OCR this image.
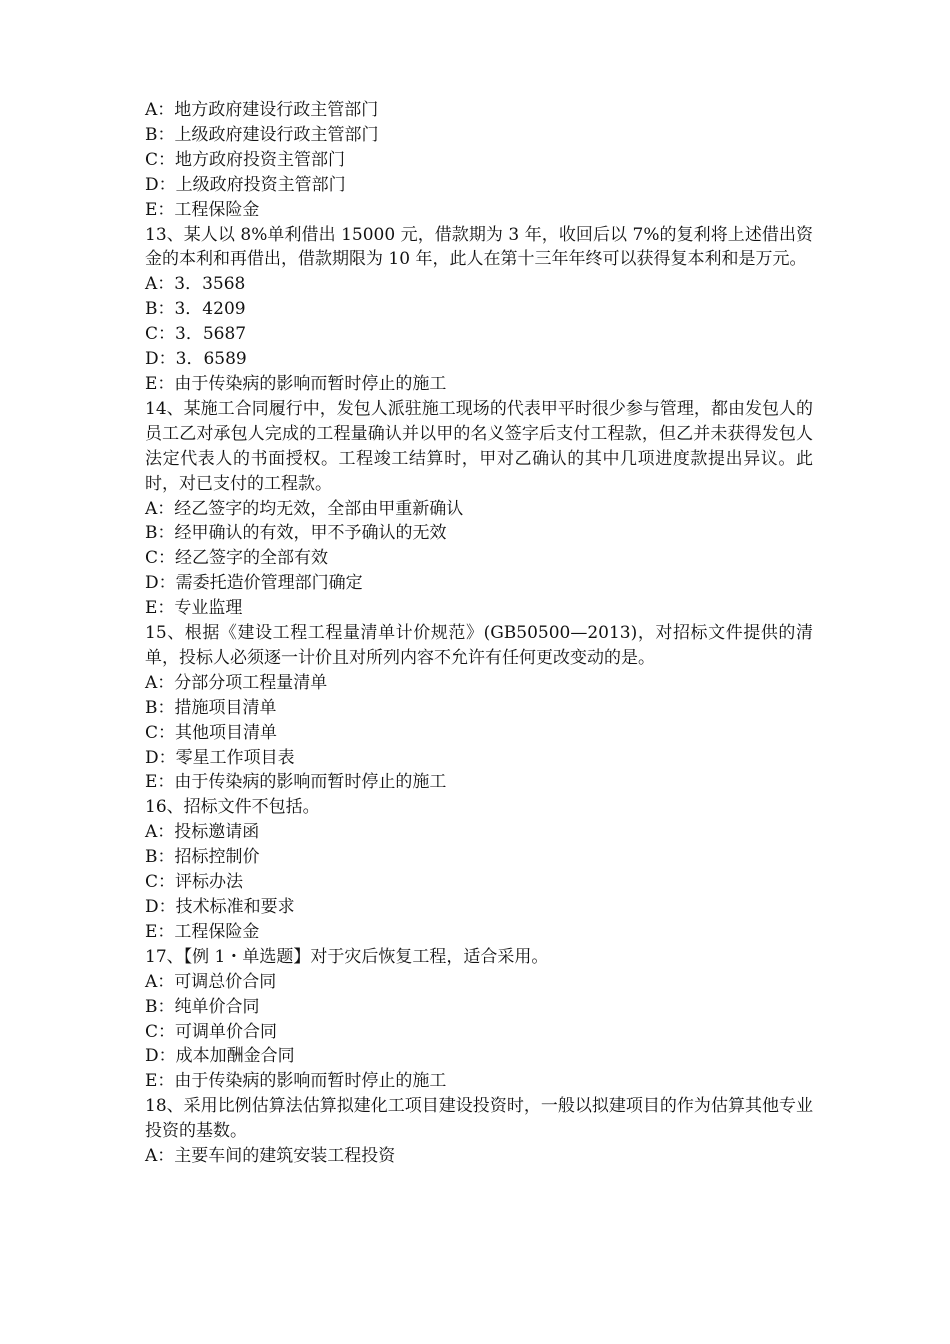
A：地方政府建设行政主管部门
B：上级政府建设行政主管部门
C：地方政府投资主管部门
D：上级政府投资主管部门
E：工程保险金
13、某人以 8%单利借出 15000 元，借款期为 3 年，收回后以 7%的复利将上述借出资金的本利和再借出，借款期限为 10 年，此人在第十三年年终可以获得复本利和是万元。
A：3．3568
B：3．4209
C：3．5687
D：3．6589
E：由于传染病的影响而暂时停止的施工
14、某施工合同履行中，发包人派驻施工现场的代表甲平时很少参与管理，都由发包人的员工乙对承包人完成的工程量确认并以甲的名义签字后支付工程款，但乙并未获得发包人法定代表人的书面授权。工程竣工结算时，甲对乙确认的其中几项进度款提出异议。此时，对已支付的工程款。
A：经乙签字的均无效，全部由甲重新确认
B：经甲确认的有效，甲不予确认的无效
C：经乙签字的全部有效
D：需委托造价管理部门确定
E：专业监理
15、根据《建设工程工程量清单计价规范》(GB50500—2013)，对招标文件提供的清单，投标人必须逐一计价且对所列内容不允许有任何更改变动的是。
A：分部分项工程量清单
B：措施项目清单
C：其他项目清单
D：零星工作项目表
E：由于传染病的影响而暂时停止的施工
16、招标文件不包括。
A：投标邀请函
B：招标控制价
C：评标办法
D：技术标准和要求
E：工程保险金
17、【例 1・单选题】对于灾后恢复工程，适合采用。
A：可调总价合同
B：纯单价合同
C：可调单价合同
D：成本加酬金合同
E：由于传染病的影响而暂时停止的施工
18、采用比例估算法估算拟建化工项目建设投资时，一般以拟建项目的作为估算其他专业投资的基数。
A：主要车间的建筑安装工程投资
